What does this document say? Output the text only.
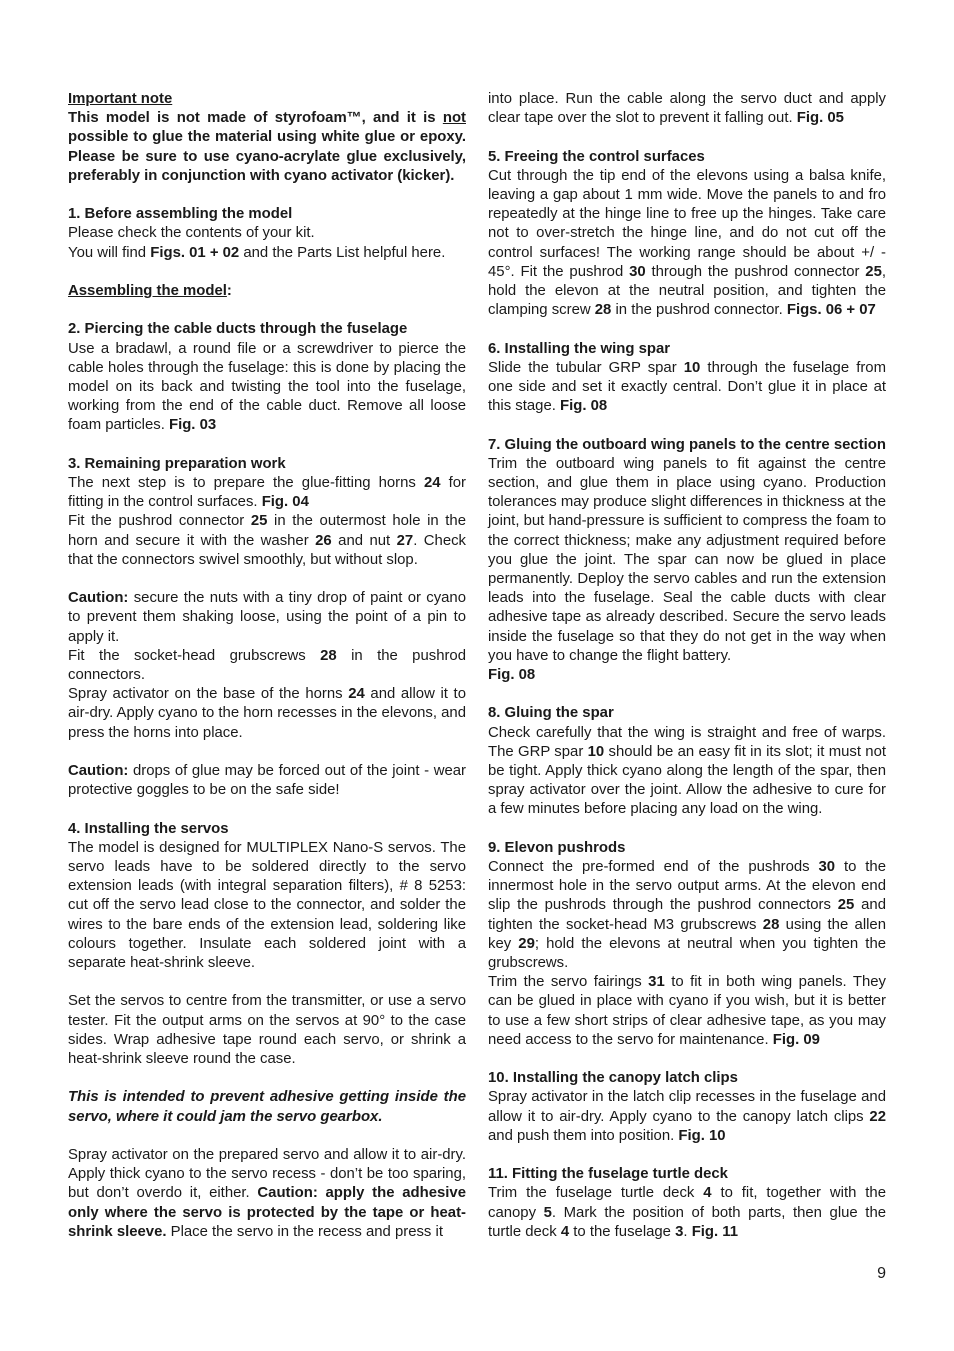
Important note

This model is not made of styrofoam™, and it is not possible to glue the material using white glue or epoxy. Please be sure to use cyano-acrylate glue exclusively, preferably in conjunction with cyano activator (kicker).

1. Before assembling the model

Please check the contents of your kit.

You will find Figs. 01 + 02 and the Parts List helpful here.

Assembling the model:

2. Piercing the cable ducts through the fuselage

Use a bradawl, a round file or a screwdriver to pierce the cable holes through the fuselage: this is done by placing the model on its back and twisting the tool into the fuselage, working from the end of the cable duct. Remove all loose foam particles. Fig. 03

3. Remaining preparation work

The next step is to prepare the glue-fitting horns 24 for fitting in the control surfaces. Fig. 04

Fit the pushrod connector 25 in the outermost hole in the horn and secure it with the washer 26 and nut 27. Check that the connectors swivel smoothly, but without slop.

Caution: secure the nuts with a tiny drop of paint or cyano to prevent them shaking loose, using the point of a pin to apply it.

Fit the socket-head grubscrews 28 in the pushrod connectors.

Spray activator on the base of the horns 24 and allow it to air-dry. Apply cyano to the horn recesses in the elevons, and press the horns into place.

Caution: drops of glue may be forced out of the joint - wear protective goggles to be on the safe side!

4. Installing the servos

The model is designed for MULTIPLEX Nano-S servos. The servo leads have to be soldered directly to the servo extension leads (with integral separation filters), # 8 5253: cut off the servo lead close to the connector, and solder the wires to the bare ends of the extension lead, soldering like colours together. Insulate each soldered joint with a separate heat-shrink sleeve.

Set the servos to centre from the transmitter, or use a servo tester. Fit the output arms on the servos at 90° to the case sides. Wrap adhesive tape round each servo, or shrink a heat-shrink sleeve round the case.

This is intended to prevent adhesive getting inside the servo, where it could jam the servo gearbox.

Spray activator on the prepared servo and allow it to air-dry. Apply thick cyano to the servo recess - don’t be too sparing, but don’t overdo it, either. Caution: apply the adhesive only where the servo is protected by the tape or heat-shrink sleeve. Place the servo in the recess and press it

into place. Run the cable along the servo duct and apply clear tape over the slot to prevent it falling out. Fig. 05

5. Freeing the control surfaces

Cut through the tip end of the elevons using a balsa knife, leaving a gap about 1 mm wide. Move the panels to and fro repeatedly at the hinge line to free up the hinges. Take care not to over-stretch the hinge line, and do not cut off the control surfaces! The working range should be about +/ - 45°. Fit the pushrod 30 through the pushrod connector 25, hold the elevon at the neutral position, and tighten the clamping screw 28 in the pushrod connector. Figs. 06 + 07

6. Installing the wing spar

Slide the tubular GRP spar 10 through the fuselage from one side and set it exactly central. Don’t glue it in place at this stage. Fig. 08

7. Gluing the outboard wing panels to the centre section

Trim the outboard wing panels to fit against the centre section, and glue them in place using cyano. Production tolerances may produce slight differences in thickness at the joint, but hand-pressure is sufficient to compress the foam to the correct thickness; make any adjustment required before you glue the joint. The spar can now be glued in place permanently. Deploy the servo cables and run the extension leads into the fuselage. Seal the cable ducts with clear adhesive tape as already described. Secure the servo leads inside the fuselage so that they do not get in the way when you have to change the flight battery.

Fig. 08

8. Gluing the spar

Check carefully that the wing is straight and free of warps. The GRP spar 10 should be an easy fit in its slot; it must not be tight. Apply thick cyano along the length of the spar, then spray activator over the joint. Allow the adhesive to cure for a few minutes before placing any load on the wing.

9. Elevon pushrods

Connect the pre-formed end of the pushrods 30 to the innermost hole in the servo output arms. At the elevon end slip the pushrods through the pushrod connectors 25 and tighten the socket-head M3 grubscrews 28 using the allen key 29; hold the elevons at neutral when you tighten the grubscrews.

Trim the servo fairings 31 to fit in both wing panels. They can be glued in place with cyano if you wish, but it is better to use a few short strips of clear adhesive tape, as you may need access to the servo for maintenance. Fig. 09

10. Installing the canopy latch clips

Spray activator in the latch clip recesses in the fuselage and allow it to air-dry. Apply cyano to the canopy latch clips 22 and push them into position. Fig. 10

11. Fitting the fuselage turtle deck

Trim the fuselage turtle deck 4 to fit, together with the canopy 5. Mark the position of both parts, then glue the turtle deck 4 to the fuselage 3. Fig. 11

9
